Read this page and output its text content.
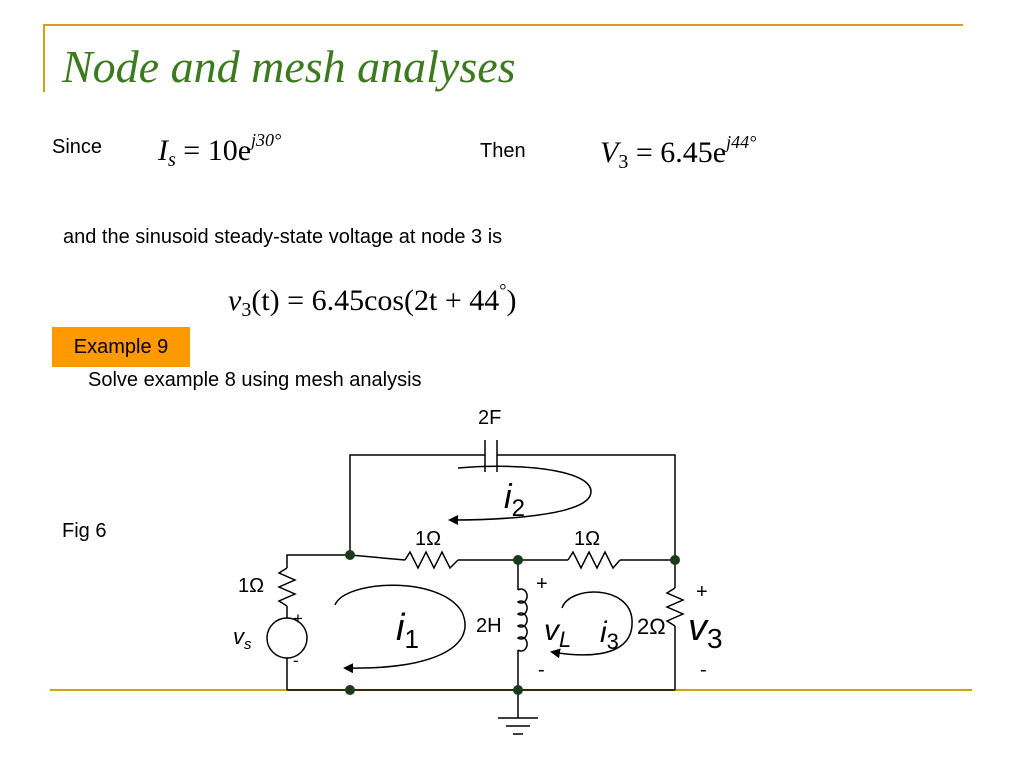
Node and mesh analyses
Since $I_s = 10e^{j30^\circ}$	Then $V_3 = 6.45e^{j44^\circ}$
and the sinusoid steady-state voltage at node 3 is
$v_3(t) = 6.45\cos(2t + 44^\circ)$
Example 9
Solve example 8 using mesh analysis
Fig 6
2F
1Ω	1Ω
1Ω
2H	2Ω
+
-
$v_s$
$i_2$
$i_1$	$i_3$
+
-
$v_L$
+
-
$v_3$
